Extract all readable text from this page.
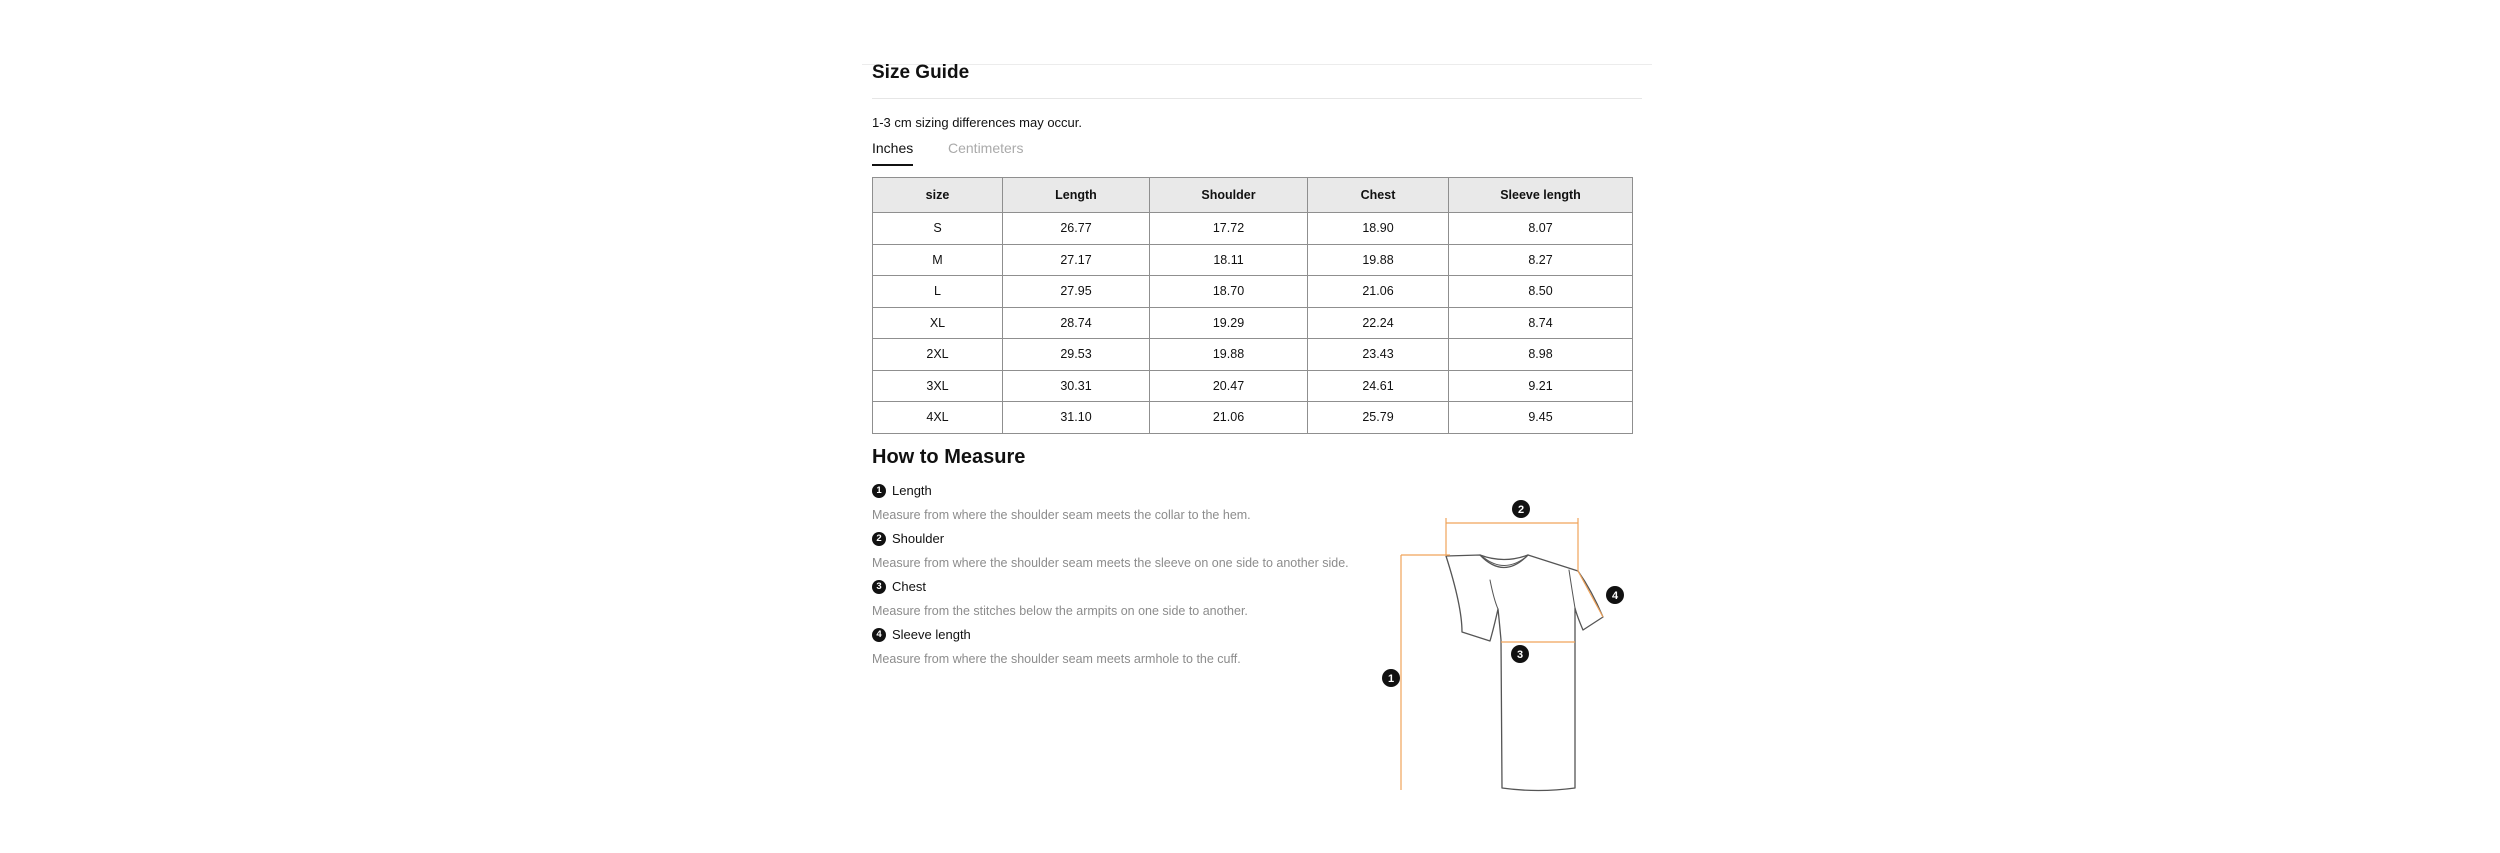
Size Guide
1-3 cm sizing differences may occur.
Inches Centimeters
size	Length	Shoulder	Chest	Sleeve length
S	26.77	17.72	18.90	8.07
M	27.17	18.11	19.88	8.27
L	27.95	18.70	21.06	8.50
XL	28.74	19.29	22.24	8.74
2XL	29.53	19.88	23.43	8.98
3XL	30.31	20.47	24.61	9.21
4XL	31.10	21.06	25.79	9.45
How to Measure
1 Length
Measure from where the shoulder seam meets the collar to the hem.
2 Shoulder
Measure from where the shoulder seam meets the sleeve on one side to another side.
3 Chest
Measure from the stitches below the armpits on one side to another.
4 Sleeve length
Measure from where the shoulder seam meets armhole to the cuff.
1
2
3
4
